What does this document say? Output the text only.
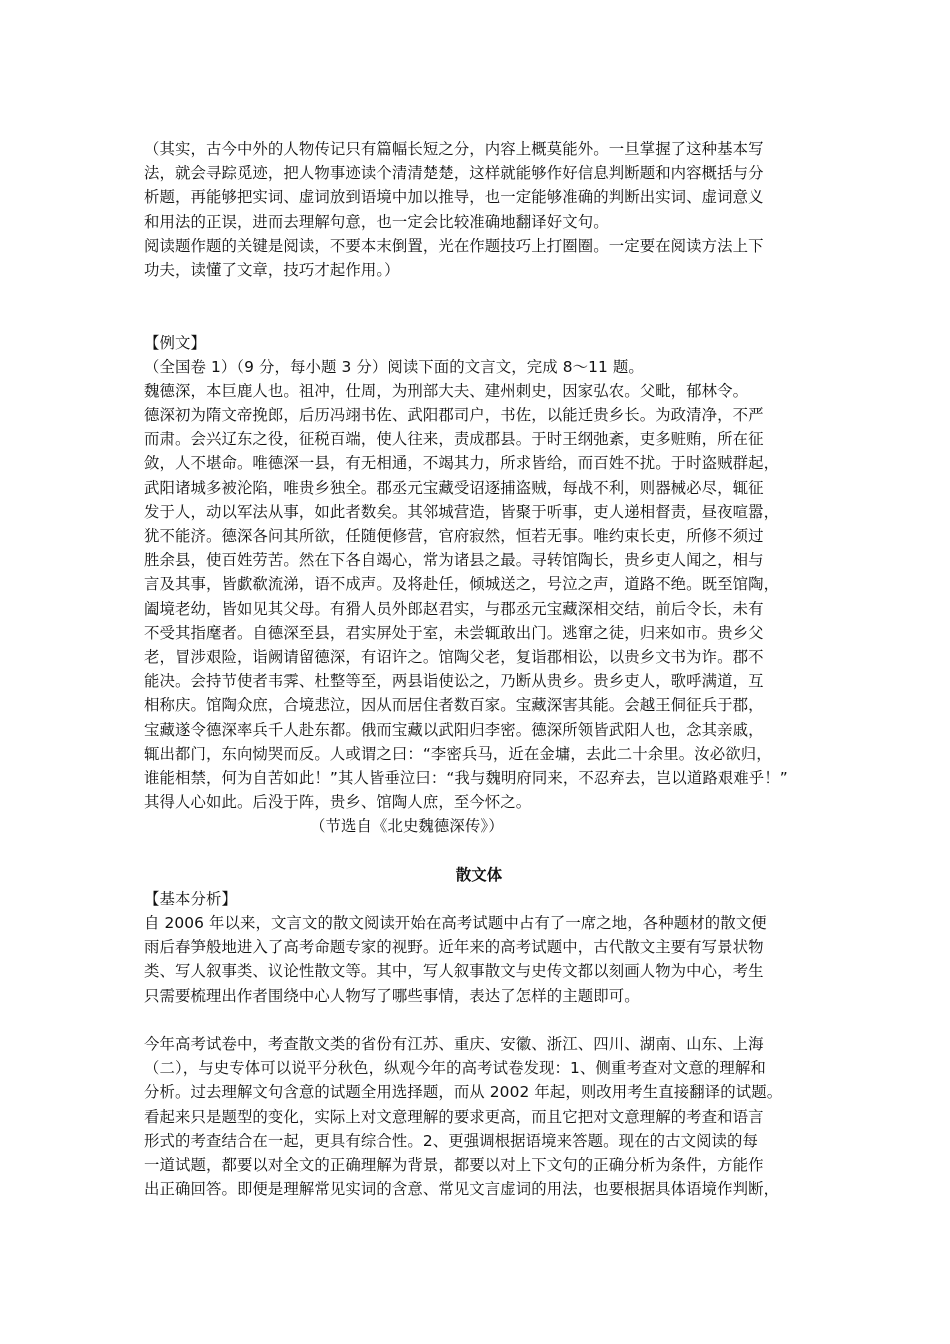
（其实，古今中外的人物传记只有篇幅长短之分，内容上概莫能外。一旦掌握了这种基本写
法，就会寻踪觅迹，把人物事迹读个清清楚楚，这样就能够作好信息判断题和内容概括与分
析题，再能够把实词、虚词放到语境中加以推导，也一定能够准确的判断出实词、虚词意义
和用法的正误，进而去理解句意，也一定会比较准确地翻译好文句。
阅读题作题的关键是阅读，不要本末倒置，光在作题技巧上打圈圈。一定要在阅读方法上下
功夫，读懂了文章，技巧才起作用。）
【例文】
（全国卷 1）（9 分，每小题 3 分）阅读下面的文言文，完成 8～11 题。
魏德深，本巨鹿人也。祖冲，仕周，为刑部大夫、建州刺史，因家弘农。父毗，郁林令。
德深初为隋文帝挽郎，后历冯翊书佐、武阳郡司户，书佐，以能迁贵乡长。为政清净，不严
而肃。会兴辽东之役，征税百端，使人往来，责成郡县。于时王纲弛紊，吏多赃贿，所在征
敛，人不堪命。唯德深一县，有无相通，不竭其力，所求皆给，而百姓不扰。于时盗贼群起，
武阳诸城多被沦陷，唯贵乡独全。郡丞元宝藏受诏逐捕盗贼，每战不利，则器械必尽，辄征
发于人，动以军法从事，如此者数矣。其邻城营造，皆聚于听事，吏人递相督责，昼夜喧嚣，
犹不能济。德深各问其所欲，任随便修营，官府寂然，恒若无事。唯约束长吏，所修不须过
胜余县，使百姓劳苦。然在下各自竭心，常为诸县之最。寻转馆陶长，贵乡吏人闻之，相与
言及其事，皆歔欷流涕，语不成声。及将赴任，倾城送之，号泣之声，道路不绝。既至馆陶，
阖境老幼，皆如见其父母。有猾人员外郎赵君实，与郡丞元宝藏深相交结，前后令长，未有
不受其指麾者。自德深至县，君实屏处于室，未尝辄敢出门。逃窜之徒，归来如市。贵乡父
老，冒涉艰险，诣阙请留德深，有诏许之。馆陶父老，复诣郡相讼，以贵乡文书为诈。郡不
能决。会持节使者韦霁、杜整等至，两县诣使讼之，乃断从贵乡。贵乡吏人，歌呼满道，互
相称庆。馆陶众庶，合境悲泣，因从而居住者数百家。宝藏深害其能。会越王侗征兵于郡，
宝藏遂令德深率兵千人赴东都。俄而宝藏以武阳归李密。德深所领皆武阳人也，念其亲戚，
辄出都门，东向恸哭而反。人或谓之曰：“李密兵马，近在金墉，去此二十余里。汝必欲归，
谁能相禁，何为自苦如此！”其人皆垂泣曰：“我与魏明府同来，不忍弃去，岂以道路艰难乎！”
其得人心如此。后没于阵，贵乡、馆陶人庶，至今怀之。
（节选自《北史魏德深传》）
散文体
【基本分析】
自 2006 年以来，文言文的散文阅读开始在高考试题中占有了一席之地，各种题材的散文便
雨后春笋般地进入了高考命题专家的视野。近年来的高考试题中，古代散文主要有写景状物
类、写人叙事类、议论性散文等。其中，写人叙事散文与史传文都以刻画人物为中心，考生
只需要梳理出作者围绕中心人物写了哪些事情，表达了怎样的主题即可。
今年高考试卷中，考查散文类的省份有江苏、重庆、安徽、浙江、四川、湖南、山东、上海
（二），与史专体可以说平分秋色，纵观今年的高考试卷发现：1、侧重考查对文意的理解和
分析。过去理解文句含意的试题全用选择题，而从 2002 年起，则改用考生直接翻译的试题。
看起来只是题型的变化，实际上对文意理解的要求更高，而且它把对文意理解的考查和语言
形式的考查结合在一起，更具有综合性。2、更强调根据语境来答题。现在的古文阅读的每
一道试题，都要以对全文的正确理解为背景，都要以对上下文句的正确分析为条件，方能作
出正确回答。即便是理解常见实词的含意、常见文言虚词的用法，也要根据具体语境作判断，
